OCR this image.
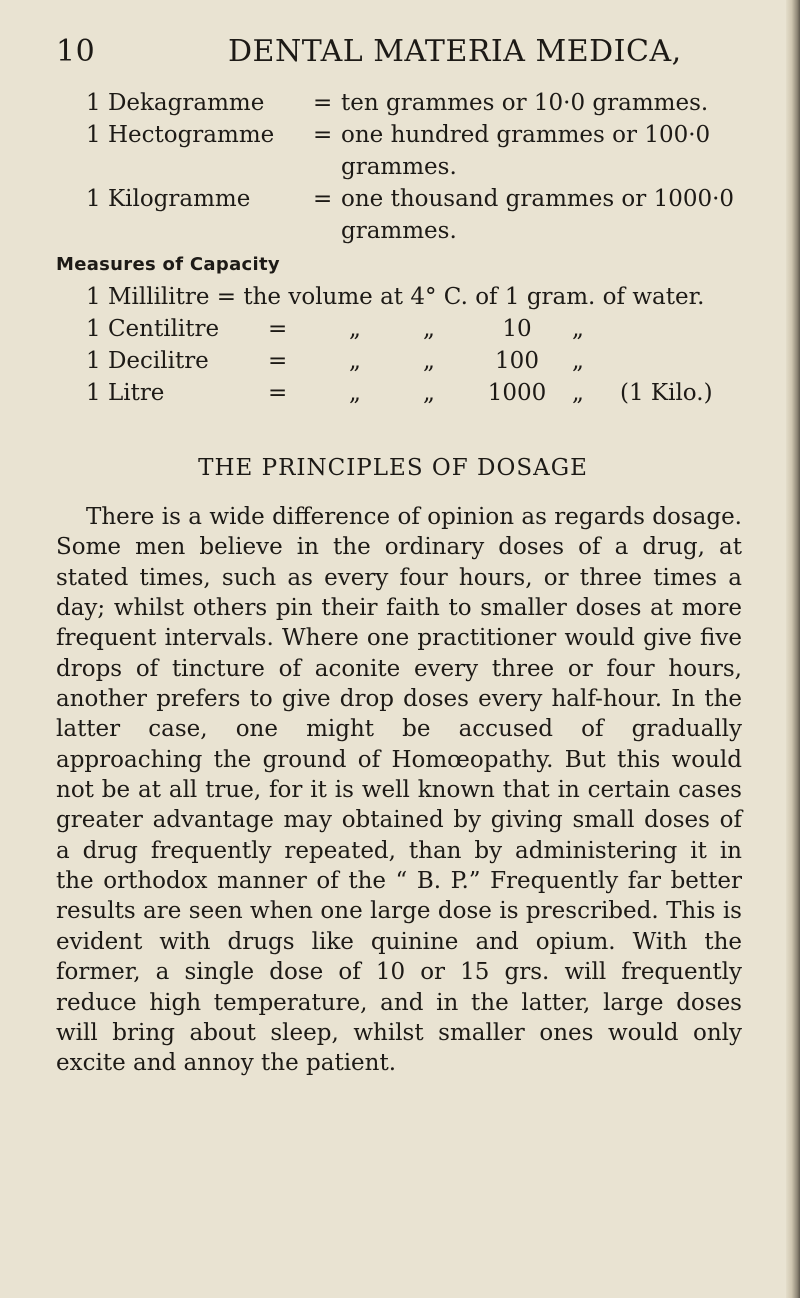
10	DENTAL MATERIA MEDICA,
1 Dekagramme = ten grammes or 10·0 grammes.
1 Hectogramme = one hundred grammes or 100·0
grammes.
1 Kilogramme	= one thousand grammes or 1000·0
grammes.
Measures of Capacity
1 Millilitre = the volume at 4° C. of 1 gram. of water.
1 Centilitre =	„	„	10	„
1 Decilitre	=	„	„	100	„
1 Litre	=	„	„	1000	„ (1 Kilo.)
THE PRINCIPLES OF DOSAGE
There is a wide difference of opinion as regards dosage. Some men believe in the ordinary doses of a drug, at stated times, such as every four hours, or three times a day; whilst others pin their faith to smaller doses at more frequent intervals. Where one practitioner would give five drops of tincture of aconite every three or four hours, another prefers to give drop doses every half-hour. In the latter case, one might be accused of gradually approaching the ground of Homœopathy. But this would not be at all true, for it is well known that in certain cases greater advantage may obtained by giving small doses of a drug frequently repeated, than by administering it in the orthodox manner of the “ B. P.” Frequently far better results are seen when one large dose is prescribed. This is evident with drugs like quinine and opium. With the former, a single dose of 10 or 15 grs. will frequently reduce high temperature, and in the latter, large doses will bring about sleep, whilst smaller ones would only excite and annoy the patient.
